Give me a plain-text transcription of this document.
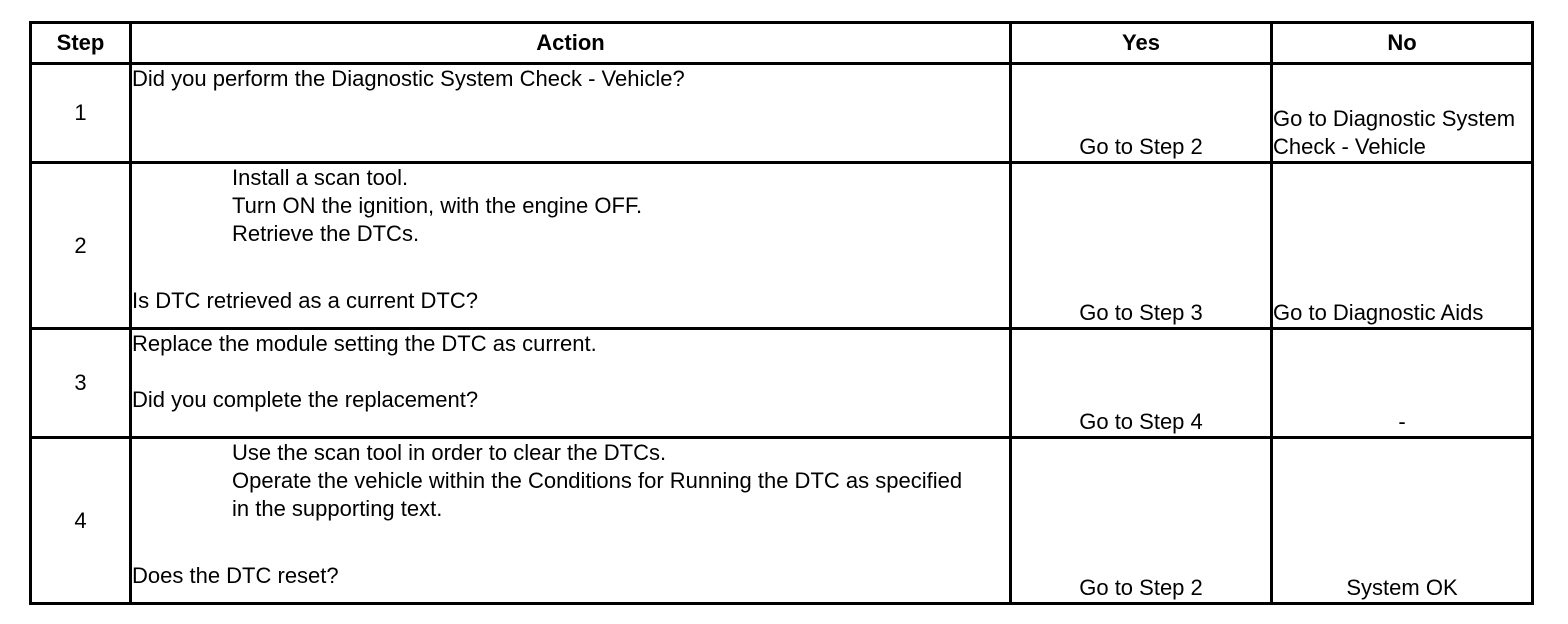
Step	Action	Yes	No
1	Did you perform the Diagnostic System Check - Vehicle?	Go to Step 2	Go to Diagnostic System Check - Vehicle
2	Install a scan tool.
Turn ON the ignition, with the engine OFF.
Retrieve the DTCs.
Is DTC retrieved as a current DTC?	Go to Step 3	Go to Diagnostic Aids
3	Replace the module setting the DTC as current.
Did you complete the replacement?	Go to Step 4	-
4	Use the scan tool in order to clear the DTCs.
Operate the vehicle within the Conditions for Running the DTC as specified in the supporting text.
Does the DTC reset?	Go to Step 2	System OK
